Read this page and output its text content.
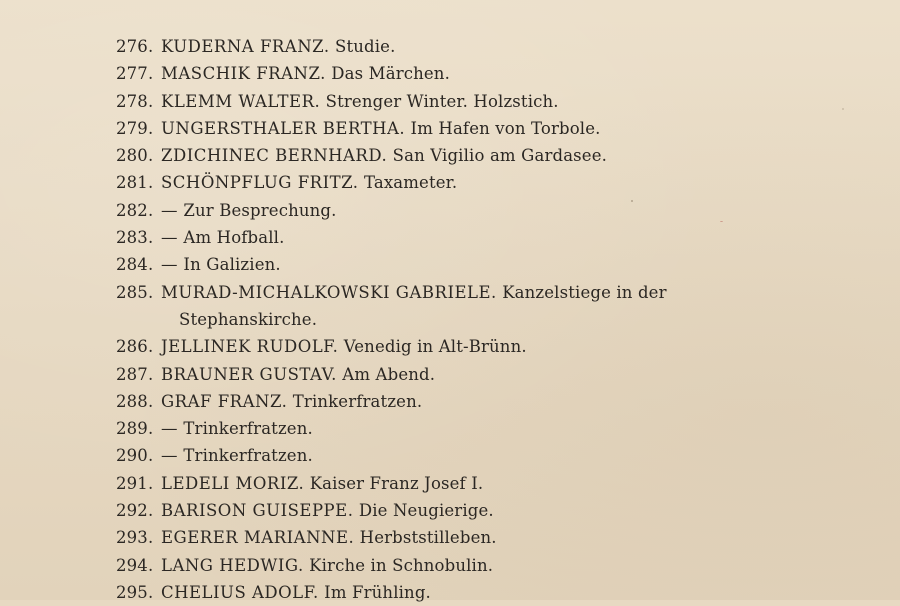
276. KUDERNA FRANZ. Studie.
277. MASCHIK FRANZ. Das Märchen.
278. KLEMM WALTER. Strenger Winter. Holzstich.
279. UNGERSTHALER BERTHA. Im Hafen von Torbole.
280. ZDICHINEC BERNHARD. San Vigilio am Gardasee.
281. SCHÖNPFLUG FRITZ. Taxameter.
282. — Zur Besprechung.
283. — Am Hofball.
284. — In Galizien.
285. MURAD-MICHALKOWSKI GABRIELE. Kanzelstiege in der
Stephanskirche.
286. JELLINEK RUDOLF. Venedig in Alt-Brünn.
287. BRAUNER GUSTAV. Am Abend.
288. GRAF FRANZ. Trinkerfratzen.
289. — Trinkerfratzen.
290. — Trinkerfratzen.
291. LEDELI MORIZ. Kaiser Franz Josef I.
292. BARISON GUISEPPE. Die Neugierige.
293. EGERER MARIANNE. Herbststilleben.
294. LANG HEDWIG. Kirche in Schnobulin.
295. CHELIUS ADOLF. Im Frühling.
